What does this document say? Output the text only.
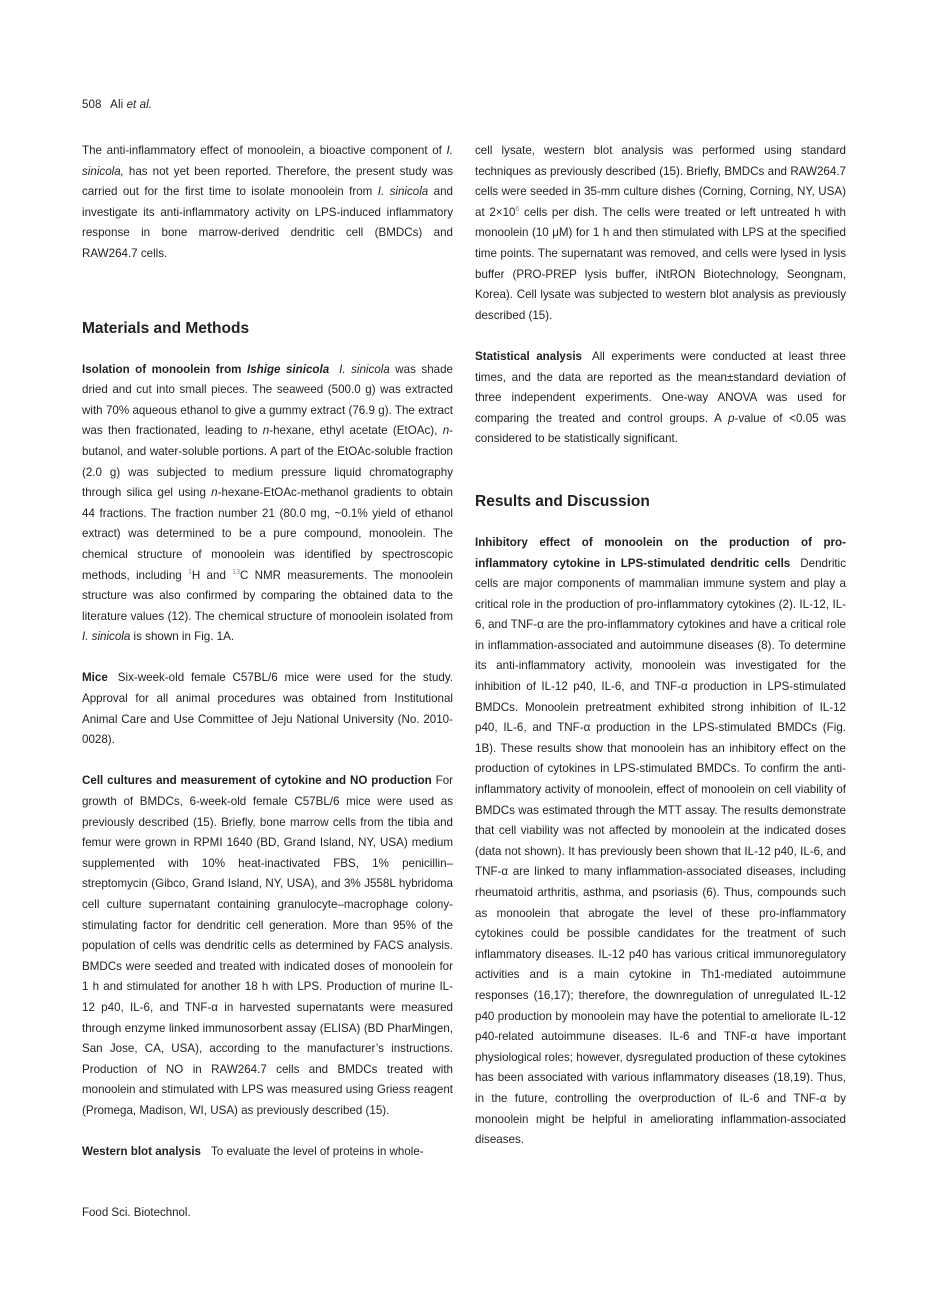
508 Ali et al.

The anti-inflammatory effect of monoolein, a bioactive component of I. sinicola, has not yet been reported. Therefore, the present study was carried out for the first time to isolate monoolein from I. sinicola and investigate its anti-inflammatory activity on LPS-induced inflammatory response in bone marrow-derived dendritic cell (BMDCs) and RAW264.7 cells.

Materials and Methods

Isolation of monoolein from Ishige sinicola I. sinicola was shade dried and cut into small pieces. The seaweed (500.0 g) was extracted with 70% aqueous ethanol to give a gummy extract (76.9 g). The extract was then fractionated, leading to n-hexane, ethyl acetate (EtOAc), n-butanol, and water-soluble portions. A part of the EtOAc-soluble fraction (2.0 g) was subjected to medium pressure liquid chromatography through silica gel using n-hexane-EtOAc-methanol gradients to obtain 44 fractions. The fraction number 21 (80.0 mg, ~0.1% yield of ethanol extract) was determined to be a pure compound, monoolein. The chemical structure of monoolein was identified by spectroscopic methods, including $^1$H and $^{13}$C NMR measurements. The monoolein structure was also confirmed by comparing the obtained data to the literature values (12). The chemical structure of monoolein isolated from I. sinicola is shown in Fig. 1A.

Mice Six-week-old female C57BL/6 mice were used for the study. Approval for all animal procedures was obtained from Institutional Animal Care and Use Committee of Jeju National University (No. 2010-0028).

Cell cultures and measurement of cytokine and NO production For growth of BMDCs, 6-week-old female C57BL/6 mice were used as previously described (15). Briefly, bone marrow cells from the tibia and femur were grown in RPMI 1640 (BD, Grand Island, NY, USA) medium supplemented with 10% heat-inactivated FBS, 1% penicillin–streptomycin (Gibco, Grand Island, NY, USA), and 3% J558L hybridoma cell culture supernatant containing granulocyte–macrophage colony-stimulating factor for dendritic cell generation. More than 95% of the population of cells was dendritic cells as determined by FACS analysis. BMDCs were seeded and treated with indicated doses of monoolein for 1 h and stimulated for another 18 h with LPS. Production of murine IL-12 p40, IL-6, and TNF-α in harvested supernatants were measured through enzyme linked immunosorbent assay (ELISA) (BD PharMingen, San Jose, CA, USA), according to the manufacturer’s instructions. Production of NO in RAW264.7 cells and BMDCs treated with monoolein and stimulated with LPS was measured using Griess reagent (Promega, Madison, WI, USA) as previously described (15).

Western blot analysis To evaluate the level of proteins in whole-

cell lysate, western blot analysis was performed using standard techniques as previously described (15). Briefly, BMDCs and RAW264.7 cells were seeded in 35-mm culture dishes (Corning, Corning, NY, USA) at $2\times 10^6$ cells per dish. The cells were treated or left untreated h with monoolein (10 μM) for 1 h and then stimulated with LPS at the specified time points. The supernatant was removed, and cells were lysed in lysis buffer (PRO-PREP lysis buffer, iNtRON Biotechnology, Seongnam, Korea). Cell lysate was subjected to western blot analysis as previously described (15).

Statistical analysis All experiments were conducted at least three times, and the data are reported as the mean±standard deviation of three independent experiments. One-way ANOVA was used for comparing the treated and control groups. A p-value of <0.05 was considered to be statistically significant.

Results and Discussion

Inhibitory effect of monoolein on the production of pro-inflammatory cytokine in LPS-stimulated dendritic cells Dendritic cells are major components of mammalian immune system and play a critical role in the production of pro-inflammatory cytokines (2). IL-12, IL-6, and TNF-α are the pro-inflammatory cytokines and have a critical role in inflammation-associated and autoimmune diseases (8). To determine its anti-inflammatory activity, monoolein was investigated for the inhibition of IL-12 p40, IL-6, and TNF-α production in LPS-stimulated BMDCs. Monoolein pretreatment exhibited strong inhibition of IL-12 p40, IL-6, and TNF-α production in the LPS-stimulated BMDCs (Fig. 1B). These results show that monoolein has an inhibitory effect on the production of cytokines in LPS-stimulated BMDCs. To confirm the anti-inflammatory activity of monoolein, effect of monoolein on cell viability of BMDCs was estimated through the MTT assay. The results demonstrate that cell viability was not affected by monoolein at the indicated doses (data not shown). It has previously been shown that IL-12 p40, IL-6, and TNF-α are linked to many inflammation-associated diseases, including rheumatoid arthritis, asthma, and psoriasis (6). Thus, compounds such as monoolein that abrogate the level of these pro-inflammatory cytokines could be possible candidates for the treatment of such inflammatory diseases. IL-12 p40 has various critical immunoregulatory activities and is a main cytokine in Th1-mediated autoimmune responses (16,17); therefore, the downregulation of unregulated IL-12 p40 production by monoolein may have the potential to ameliorate IL-12 p40-related autoimmune diseases. IL-6 and TNF-α have important physiological roles; however, dysregulated production of these cytokines has been associated with various inflammatory diseases (18,19). Thus, in the future, controlling the overproduction of IL-6 and TNF-α by monoolein might be helpful in ameliorating inflammation-associated diseases.

Food Sci. Biotechnol.
